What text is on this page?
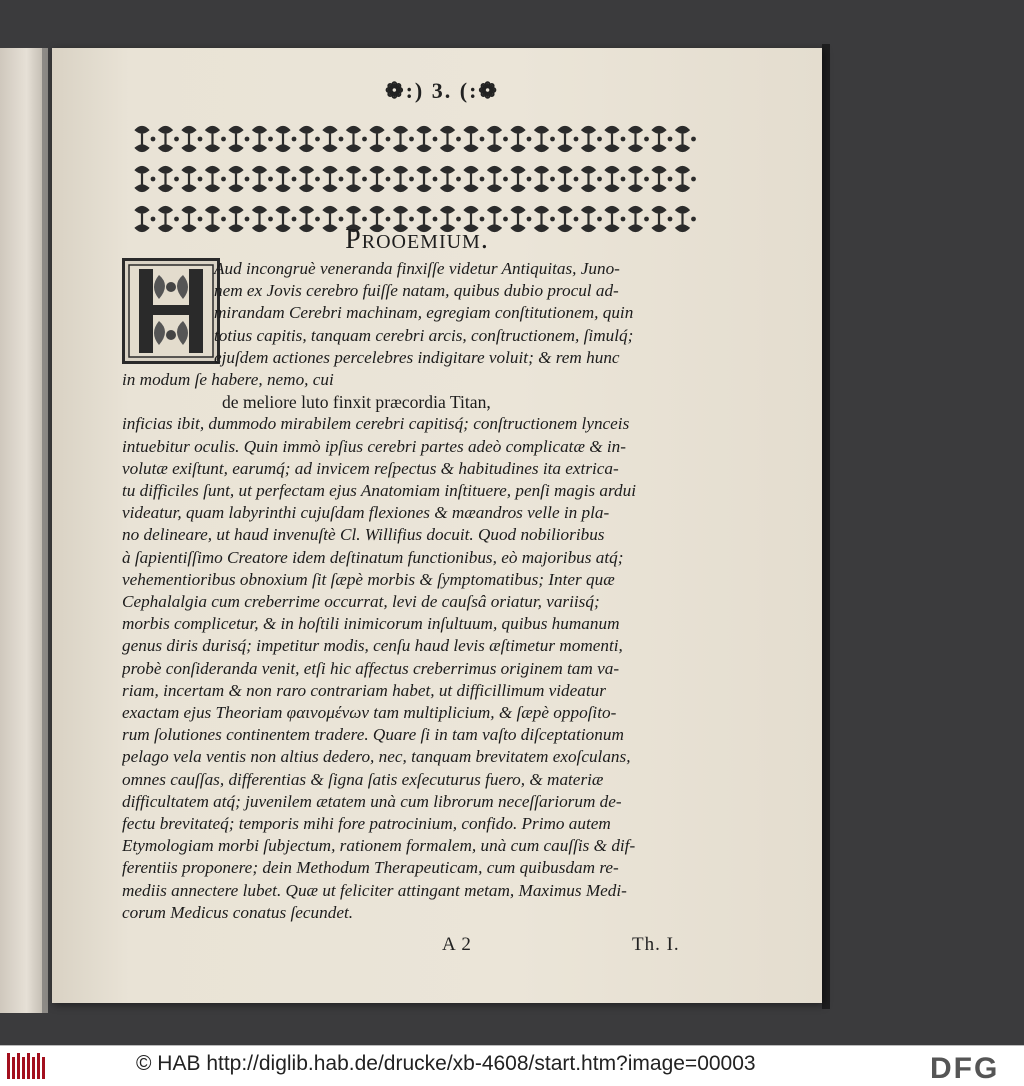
❁:) 3. (:❁
Prooemium.
Aud incongruè veneranda finxiſſe videtur Antiquitas, Juno-
nem ex Jovis cerebro fuiſſe natam, quibus dubio procul ad-
mirandam Cerebri machinam, egregiam conſtitutionem, quin
totius capitis, tanquam cerebri arcis, conſtructionem, ſimulq́;
ejuſdem actiones percelebres indigitare voluit; & rem hunc
in modum ſe habere, nemo, cui
de meliore luto finxit præcordia Titan,
inficias ibit, dummodo mirabilem cerebri capitisq́; conſtructionem lynceis
intuebitur oculis. Quin immò ipſius cerebri partes adeò complicatæ & in-
volutæ exiſtunt, earumq́; ad invicem reſpectus & habitudines ita extrica-
tu difficiles ſunt, ut perfectam ejus Anatomiam inſtituere, penſi magis ardui
videatur, quam labyrinthi cujuſdam flexiones & mæandros velle in pla-
no delineare, ut haud invenuſtè Cl. Willifius docuit. Quod nobilioribus
à ſapientiſſimo Creatore idem deſtinatum functionibus, eò majoribus atq́;
vehementioribus obnoxium ſit ſæpè morbis & ſymptomatibus; Inter quæ
Cephalalgia cum creberrime occurrat, levi de cauſsâ oriatur, variisq́;
morbis complicetur, & in hoſtili inimicorum inſultuum, quibus humanum
genus diris durisq́; impetitur modis, cenſu haud levis æſtimetur momenti,
probè conſideranda venit, etſi hic affectus creberrimus originem tam va-
riam, incertam & non raro contrariam habet, ut difficillimum videatur
exactam ejus Theoriam φαινομένων tam multiplicium, & ſæpè oppoſito-
rum ſolutiones continentem tradere. Quare ſi in tam vaſto diſceptationum
pelago vela ventis non altius dedero, nec, tanquam brevitatem exoſculans,
omnes cauſſas, differentias & ſigna ſatis exſecuturus fuero, & materiæ
difficultatem atq́; juvenilem ætatem unà cum librorum neceſſariorum de-
fectu brevitateq́; temporis mihi fore patrocinium, confido. Primo autem
Etymologiam morbi ſubjectum, rationem formalem, unà cum cauſſis & dif-
ferentiis proponere; dein Methodum Therapeuticam, cum quibusdam re-
mediis annectere lubet. Quæ ut feliciter attingant metam, Maximus Medi-
corum Medicus conatus ſecundet.
A 2	Th. I.
© HAB http://diglib.hab.de/drucke/xb-4608/start.htm?image=00003	DFG
